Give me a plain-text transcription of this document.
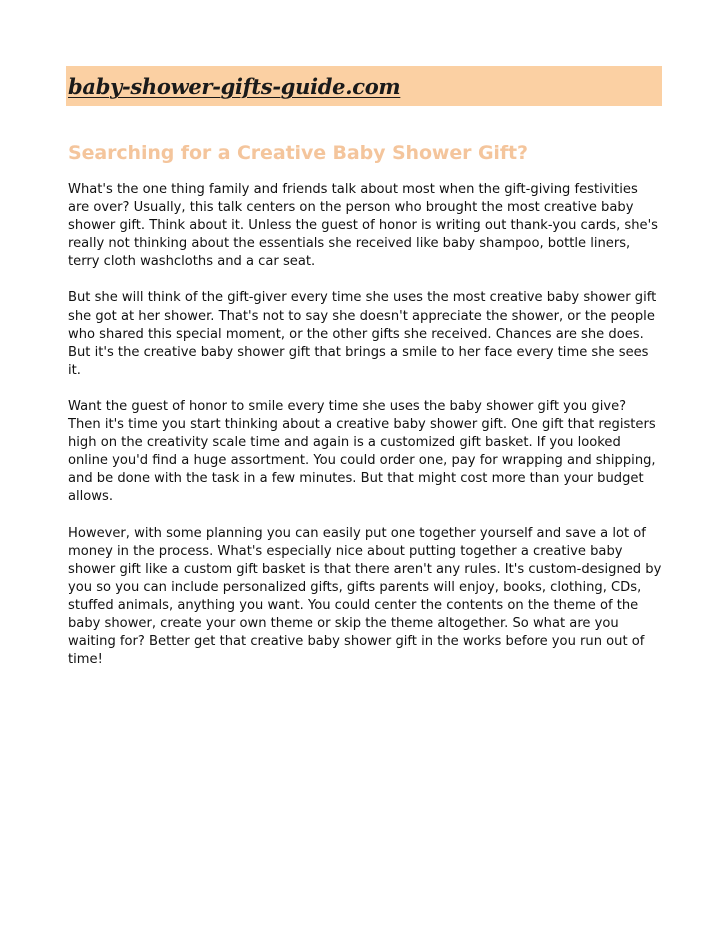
baby-shower-gifts-guide.com
Searching for a Creative Baby Shower Gift?

What's the one thing family and friends talk about most when the gift-giving festivities are over? Usually, this talk centers on the person who brought the most creative baby shower gift. Think about it. Unless the guest of honor is writing out thank-you cards, she's really not thinking about the essentials she received like baby shampoo, bottle liners, terry cloth washcloths and a car seat.

But she will think of the gift-giver every time she uses the most creative baby shower gift she got at her shower. That's not to say she doesn't appreciate the shower, or the people who shared this special moment, or the other gifts she received. Chances are she does. But it's the creative baby shower gift that brings a smile to her face every time she sees it.

Want the guest of honor to smile every time she uses the baby shower gift you give? Then it's time you start thinking about a creative baby shower gift. One gift that registers high on the creativity scale time and again is a customized gift basket. If you looked online you'd find a huge assortment. You could order one, pay for wrapping and shipping, and be done with the task in a few minutes. But that might cost more than your budget allows.

However, with some planning you can easily put one together yourself and save a lot of money in the process. What's especially nice about putting together a creative baby shower gift like a custom gift basket is that there aren't any rules. It's custom-designed by you so you can include personalized gifts, gifts parents will enjoy, books, clothing, CDs, stuffed animals, anything you want. You could center the contents on the theme of the baby shower, create your own theme or skip the theme altogether. So what are you waiting for? Better get that creative baby shower gift in the works before you run out of time!
